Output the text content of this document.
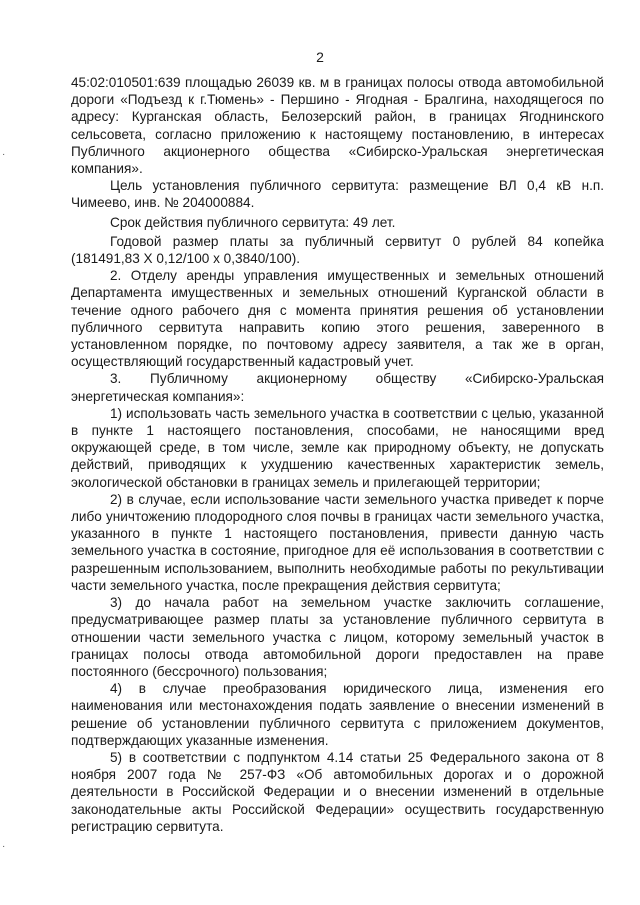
2

45:02:010501:639 площадью 26039 кв. м в границах полосы отвода автомобильной дороги «Подъезд к г.Тюмень» - Першино - Ягодная - Бралгина, находящегося по адресу: Курганская область, Белозерский район, в границах Ягоднинского сельсовета, согласно приложению к настоящему постановлению, в интересах Публичного акционерного общества «Сибирско-Уральская энергетическая компания».

Цель установления публичного сервитута: размещение ВЛ 0,4 кВ н.п. Чимеево, инв. № 204000884.

Срок действия публичного сервитута: 49 лет.

Годовой размер платы за публичный сервитут 0 рублей 84 копейка (181491,83 Х 0,12/100 х 0,3840/100).

2. Отделу аренды управления имущественных и земельных отношений Департамента имущественных и земельных отношений Курганской области в течение одного рабочего дня с момента принятия решения об установлении публичного сервитута направить копию этого решения, заверенного в установленном порядке, по почтовому адресу заявителя, а так же в орган, осуществляющий государственный кадастровый учет.

3. Публичному акционерному обществу «Сибирско-Уральская энергетическая компания»:

1) использовать часть земельного участка в соответствии с целью, указанной в пункте 1 настоящего постановления, способами, не наносящими вред окружающей среде, в том числе, земле как природному объекту, не допускать действий, приводящих к ухудшению качественных характеристик земель, экологической обстановки в границах земель и прилегающей территории;

2) в случае, если использование части земельного участка приведет к порче либо уничтожению плодородного слоя почвы в границах части земельного участка, указанного в пункте 1 настоящего постановления, привести данную часть земельного участка в состояние, пригодное для её использования в соответствии с разрешенным использованием, выполнить необходимые работы по рекультивации части земельного участка, после прекращения действия сервитута;

3) до начала работ на земельном участке заключить соглашение, предусматривающее размер платы за установление публичного сервитута в отношении части земельного участка с лицом, которому земельный участок в границах полосы отвода автомобильной дороги предоставлен на праве постоянного (бессрочного) пользования;

4) в случае преобразования юридического лица, изменения его наименования или местонахождения подать заявление о внесении изменений в решение об установлении публичного сервитута с приложением документов, подтверждающих указанные изменения.

5) в соответствии с подпунктом 4.14 статьи 25 Федерального закона от 8 ноября 2007 года № 257-ФЗ «Об автомобильных дорогах и о дорожной деятельности в Российской Федерации и о внесении изменений в отдельные законодательные акты Российской Федерации» осуществить государственную регистрацию сервитута.

·
·
